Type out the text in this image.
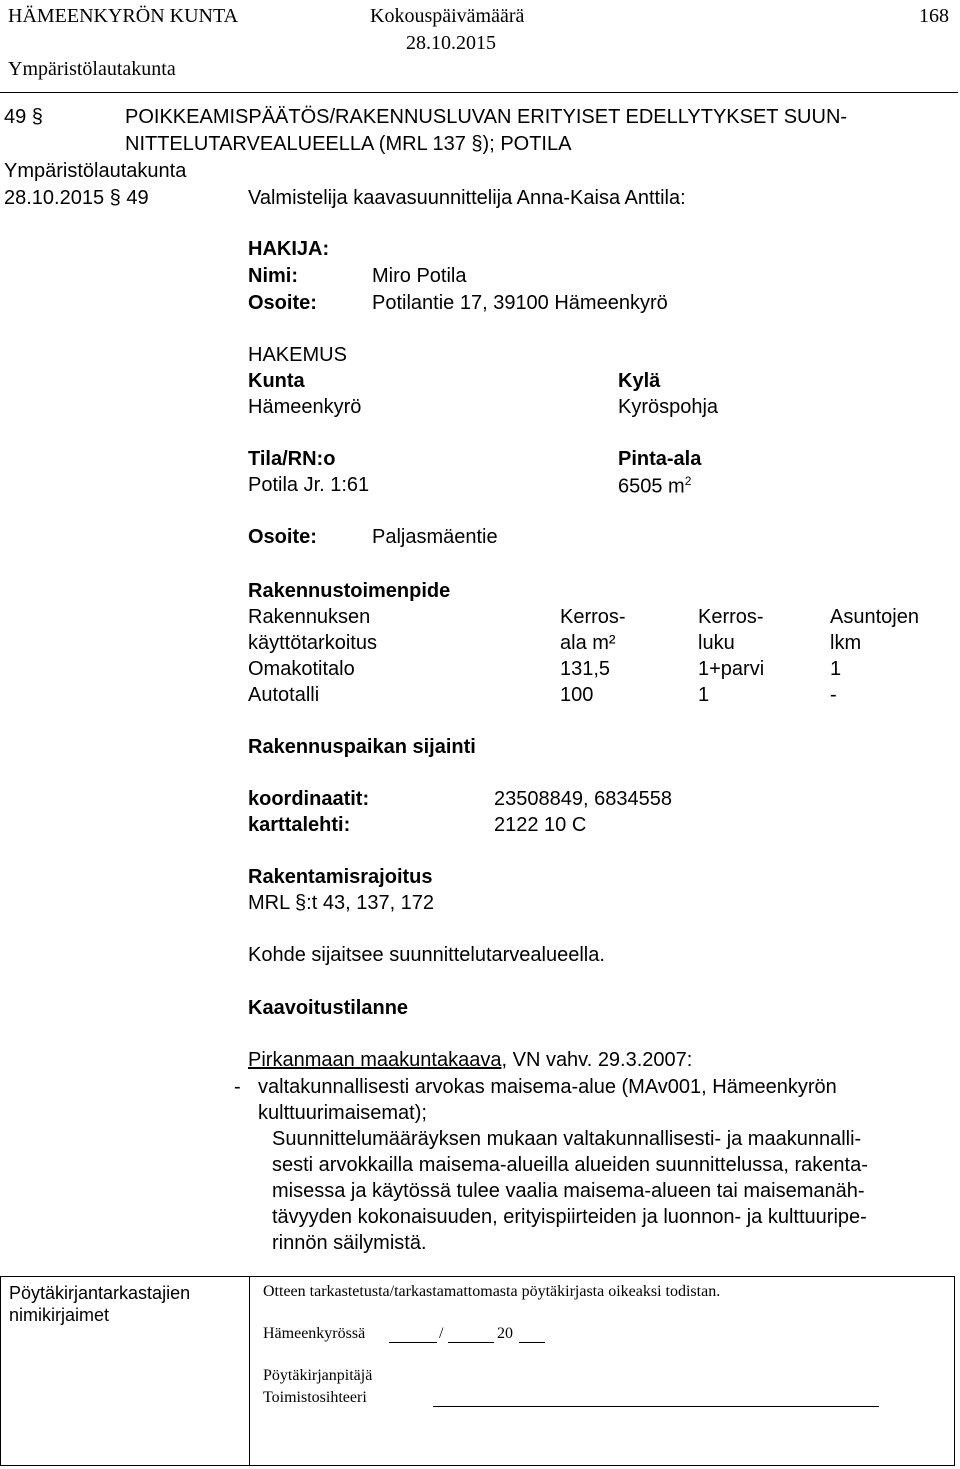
HÄMEENKYRÖN KUNTA	Kokouspäivämäärä	168
28.10.2015
Ympäristölautakunta
49 §	POIKKEAMISPÄÄTÖS/RAKENNUSLUVAN ERITYISET EDELLYTYKSET SUUN-
NITTELUTARVEALUEELLA (MRL 137 §); POTILA
Ympäristölautakunta
28.10.2015 § 49	Valmistelija kaavasuunnittelija Anna-Kaisa Anttila:
HAKIJA:
Nimi:	Miro Potila
Osoite:	Potilantie 17, 39100 Hämeenkyrö
HAKEMUS
Kunta	Kylä
Hämeenkyrö	Kyröspohja
Tila/RN:o	Pinta-ala
Potila Jr. 1:61	6505 $m^2$
Osoite:	Paljasmäentie
Rakennustoimenpide
Rakennuksen	Kerros-	Kerros-	Asuntojen
käyttötarkoitus	ala m²	luku	lkm
Omakotitalo	131,5	1+parvi	1
Autotalli	100	1	-
Rakennuspaikan sijainti
koordinaatit:	23508849, 6834558
karttalehti:	2122 10 C
Rakentamisrajoitus
MRL §:t 43, 137, 172
Kohde sijaitsee suunnittelutarvealueella.
Kaavoitustilanne
Pirkanmaan maakuntakaava, VN vahv. 29.3.2007:
- valtakunnallisesti arvokas maisema-alue (MAv001, Hämeenkyrön
kulttuurimaisemat);
Suunnittelumääräyksen mukaan valtakunnallisesti- ja maakunnalli-
sesti arvokkailla maisema-alueilla alueiden suunnittelussa, rakenta-
misessa ja käytössä tulee vaalia maisema-alueen tai maisemanäh-
tävyyden kokonaisuuden, erityispiirteiden ja luonnon- ja kulttuuripe-
rinnön säilymistä.
Pöytäkirjantarkastajien
nimikirjaimet
Otteen tarkastetusta/tarkastamattomasta pöytäkirjasta oikeaksi todistan.
Hämeenkyrössä	/	20
Pöytäkirjanpitäjä
Toimistosihteeri
